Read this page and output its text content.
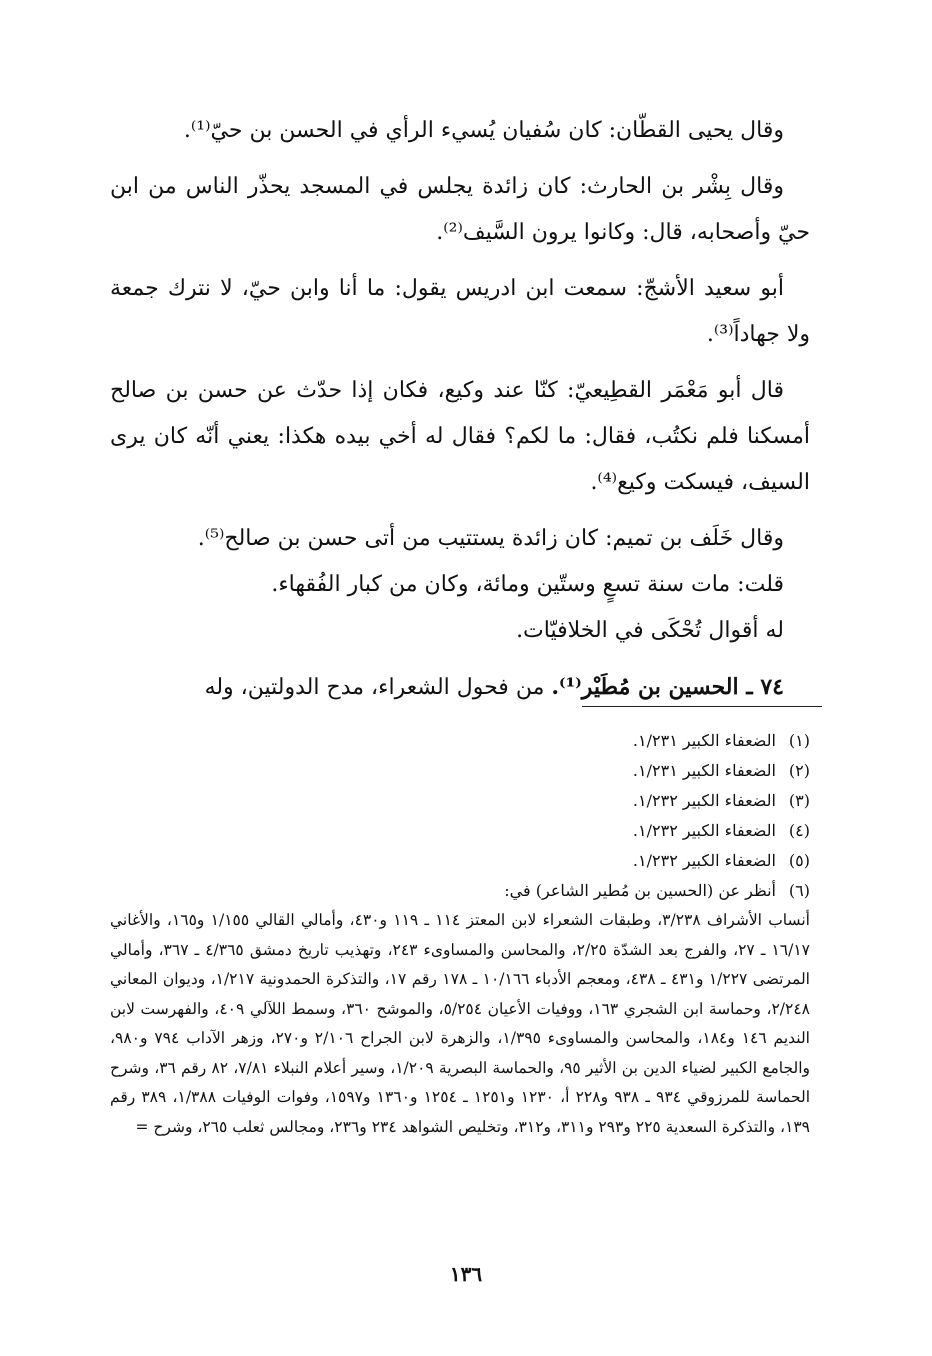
وقال يحيى القطّان: كان سُفيان يُسيء الرأي في الحسن بن حيّ⁽¹⁾.

وقال بِشْر بن الحارث: كان زائدة يجلس في المسجد يحذّر الناس من ابن حيّ وأصحابه، قال: وكانوا يرون السَّيف⁽²⁾.

أبو سعيد الأشجّ: سمعت ابن ادريس يقول: ما أنا وابن حيّ، لا نترك جمعة ولا جهاداً⁽³⁾.

قال أبو مَعْمَر القطِيعيّ: كنّا عند وكيع، فكان إذا حدّث عن حسن بن صالح أمسكنا فلم نكتُب، فقال: ما لكم؟ فقال له أخي بيده هكذا: يعني أنّه كان يرى السيف، فيسكت وكيع⁽⁴⁾.

وقال خَلَف بن تميم: كان زائدة يستتيب من أتى حسن بن صالح⁽⁵⁾.

قلت: مات سنة تسعٍ وستّين ومائة، وكان من كبار الفُقهاء.

له أقوال تُحْكَى في الخلافيّات.

٧٤ ـ الحسين بن مُطَيْر⁽¹⁾. من فحول الشعراء، مدح الدولتين، وله

(١)الضعفاء الكبير ١/٢٣١.
(٢)الضعفاء الكبير ١/٢٣١.
(٣)الضعفاء الكبير ١/٢٣٢.
(٤)الضعفاء الكبير ١/٢٣٢.
(٥)الضعفاء الكبير ١/٢٣٢.
(٦)أنظر عن (الحسين بن مُطير الشاعر) في:
أنساب الأشراف ٣/٢٣٨، وطبقات الشعراء لابن المعتز ١١٤ ـ ١١٩ و٤٣٠، وأمالي القالي ١/١٥٥ و١٦٥، والأغاني ١٦/١٧ ـ ٢٧، والفرج بعد الشدّة ٢/٢٥، والمحاسن والمساوىء ٢٤٣، وتهذيب تاريخ دمشق ٤/٣٦٥ ـ ٣٦٧، وأمالي المرتضى ١/٢٢٧ و٤٣١ ـ ٤٣٨، ومعجم الأدباء ١٠/١٦٦ ـ ١٧٨ رقم ١٧، والتذكرة الحمدونية ١/٢١٧، وديوان المعاني ٢/٢٤٨، وحماسة ابن الشجري ١٦٣، ووفيات الأعيان ٥/٢٥٤، والموشح ٣٦٠، وسمط اللآلي ٤٠٩، والفهرست لابن النديم ١٤٦ و١٨٤، والمحاسن والمساوىء ١/٣٩٥، والزهرة لابن الجراح ٢/١٠٦ و٢٧٠، وزهر الآداب ٧٩٤ و٩٨٠، والجامع الكبير لضياء الدين بن الأثير ٩٥، والحماسة البصرية ١/٢٠٩، وسير أعلام النبلاء ٧/٨١، ٨٢ رقم ٣٦، وشرح الحماسة للمرزوقي ٩٣٤ ـ ٩٣٨ و٢٢٨ أ، ١٢٣٠ و١٢٥١ ـ ١٢٥٤ و١٣٦٠ و١٥٩٧، وفوات الوفيات ١/٣٨٨، ٣٨٩ رقم ١٣٩، والتذكرة السعدية ٢٢٥ و٢٩٣ و٣١١، و٣١٢، وتخليص الشواهد ٢٣٤ و٢٣٦، ومجالس ثعلب ٢٦٥، وشرح =
١٣٦
